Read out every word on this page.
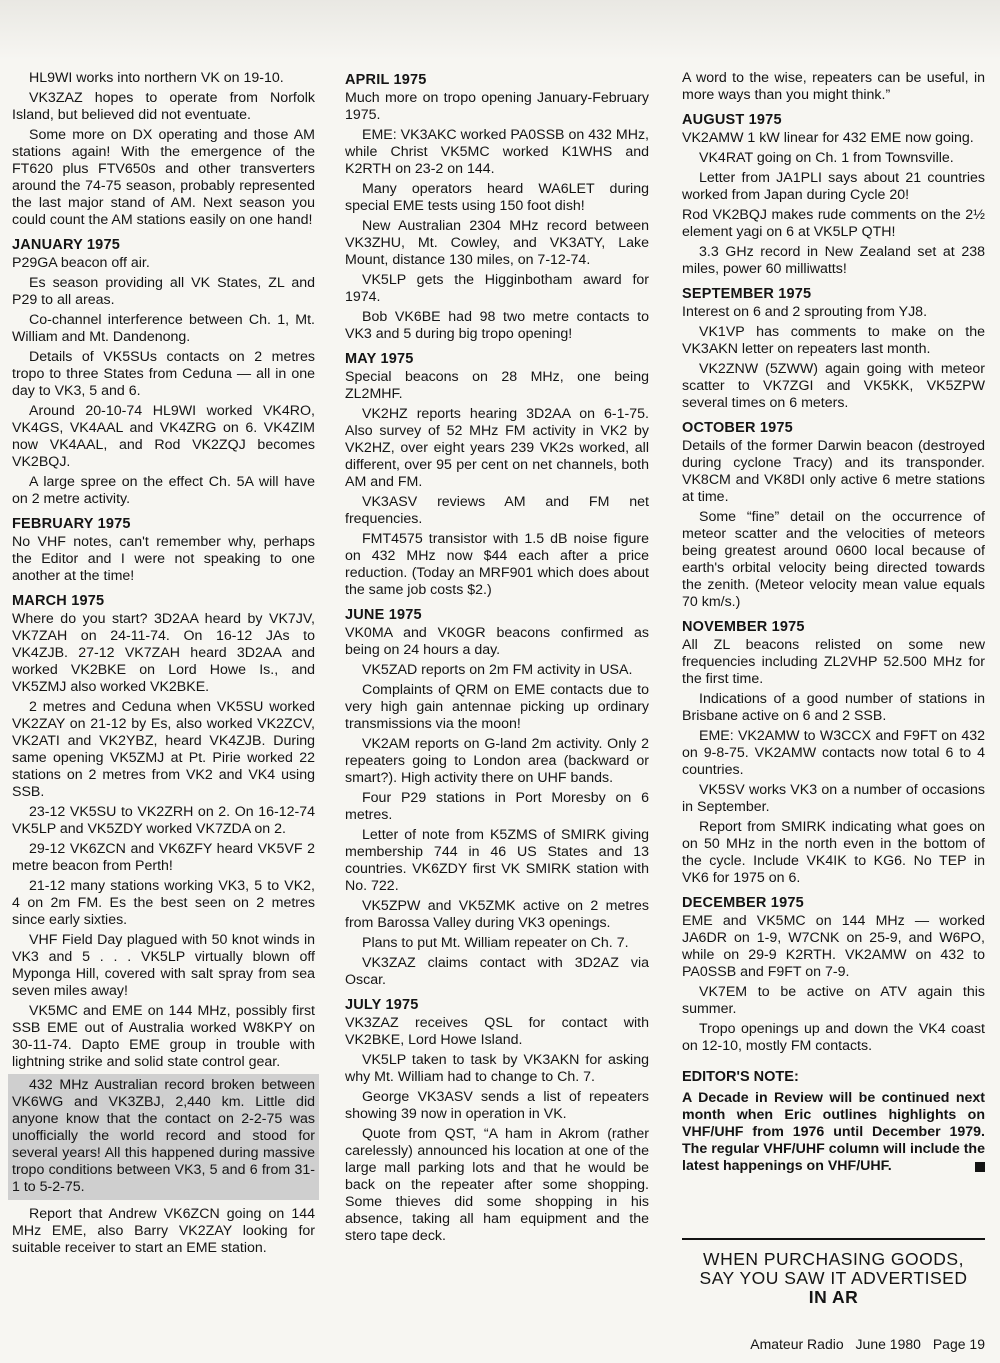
HL9WI works into northern VK on 19-10.

VK3ZAZ hopes to operate from Norfolk Island, but believed did not eventuate.

Some more on DX operating and those AM stations again! With the emergence of the FT620 plus FTV650s and other transverters around the 74-75 season, probably represented the last major stand of AM. Next season you could count the AM stations easily on one hand!

JANUARY 1975

P29GA beacon off air.

Es season providing all VK States, ZL and P29 to all areas.

Co-channel interference between Ch. 1, Mt. William and Mt. Dandenong.

Details of VK5SUs contacts on 2 metres tropo to three States from Ceduna — all in one day to VK3, 5 and 6.

Around 20-10-74 HL9WI worked VK4RO, VK4GS, VK4AAL and VK4ZRG on 6. VK4ZIM now VK4AAL, and Rod VK2ZQJ becomes VK2BQJ.

A large spree on the effect Ch. 5A will have on 2 metre activity.

FEBRUARY 1975

No VHF notes, can't remember why, perhaps the Editor and I were not speaking to one another at the time!

MARCH 1975

Where do you start? 3D2AA heard by VK7JV, VK7ZAH on 24-11-74. On 16-12 JAs to VK4ZJB. 27-12 VK7ZAH heard 3D2AA and worked VK2BKE on Lord Howe Is., and VK5ZMJ also worked VK2BKE.

2 metres and Ceduna when VK5SU worked VK2ZAY on 21-12 by Es, also worked VK2ZCV, VK2ATI and VK2YBZ, heard VK4ZJB. During same opening VK5ZMJ at Pt. Pirie worked 22 stations on 2 metres from VK2 and VK4 using SSB.

23-12 VK5SU to VK2ZRH on 2. On 16-12-74 VK5LP and VK5ZDY worked VK7ZDA on 2.

29-12 VK6ZCN and VK6ZFY heard VK5VF 2 metre beacon from Perth!

21-12 many stations working VK3, 5 to VK2, 4 on 2m FM. Es the best seen on 2 metres since early sixties.

VHF Field Day plagued with 50 knot winds in VK3 and 5 . . . VK5LP virtually blown off Myponga Hill, covered with salt spray from sea seven miles away!

VK5MC and EME on 144 MHz, possibly first SSB EME out of Australia worked W8KPY on 30-11-74. Dapto EME group in trouble with lightning strike and solid state control gear.

432 MHz Australian record broken between VK6WG and VK3ZBJ, 2,440 km. Little did anyone know that the contact on 2-2-75 was unofficially the world record and stood for several years! All this happened during massive tropo conditions between VK3, 5 and 6 from 31-1 to 5-2-75.

Report that Andrew VK6ZCN going on 144 MHz EME, also Barry VK2ZAY looking for suitable receiver to start an EME station.

APRIL 1975

Much more on tropo opening January-February 1975.

EME: VK3AKC worked PA0SSB on 432 MHz, while Christ VK5MC worked K1WHS and K2RTH on 23-2 on 144.

Many operators heard WA6LET during special EME tests using 150 foot dish!

New Australian 2304 MHz record between VK3ZHU, Mt. Cowley, and VK3ATY, Lake Mount, distance 130 miles, on 7-12-74.

VK5LP gets the Higginbotham award for 1974.

Bob VK6BE had 98 two metre contacts to VK3 and 5 during big tropo opening!

MAY 1975

Special beacons on 28 MHz, one being ZL2MHF.

VK2HZ reports hearing 3D2AA on 6-1-75. Also survey of 52 MHz FM activity in VK2 by VK2HZ, over eight years 239 VK2s worked, all different, over 95 per cent on net channels, both AM and FM.

VK3ASV reviews AM and FM net frequencies.

FMT4575 transistor with 1.5 dB noise figure on 432 MHz now $44 each after a price reduction. (Today an MRF901 which does about the same job costs $2.)

JUNE 1975

VK0MA and VK0GR beacons confirmed as being on 24 hours a day.

VK5ZAD reports on 2m FM activity in USA.

Complaints of QRM on EME contacts due to very high gain antennae picking up ordinary transmissions via the moon!

VK2AM reports on G-land 2m activity. Only 2 repeaters going to London area (backward or smart?). High activity there on UHF bands.

Four P29 stations in Port Moresby on 6 metres.

Letter of note from K5ZMS of SMIRK giving membership 744 in 46 US States and 13 countries. VK6ZDY first VK SMIRK station with No. 722.

VK5ZPW and VK5ZMK active on 2 metres from Barossa Valley during VK3 openings.

Plans to put Mt. William repeater on Ch. 7.

VK3ZAZ claims contact with 3D2AZ via Oscar.

JULY 1975

VK3ZAZ receives QSL for contact with VK2BKE, Lord Howe Island.

VK5LP taken to task by VK3AKN for asking why Mt. William had to change to Ch. 7.

George VK3ASV sends a list of repeaters showing 39 now in operation in VK.

Quote from QST, “A ham in Akrom (rather carelessly) announced his location at one of the large mall parking lots and that he would be back on the repeater after some shopping. Some thieves did some shopping in his absence, taking all ham equipment and the stero tape deck.

A word to the wise, repeaters can be useful, in more ways than you might think.”

AUGUST 1975

VK2AMW 1 kW linear for 432 EME now going.

VK4RAT going on Ch. 1 from Townsville.

Letter from JA1PLI says about 21 countries worked from Japan during Cycle 20!

Rod VK2BQJ makes rude comments on the 2½ element yagi on 6 at VK5LP QTH!

3.3 GHz record in New Zealand set at 238 miles, power 60 milliwatts!

SEPTEMBER 1975

Interest on 6 and 2 sprouting from YJ8.

VK1VP has comments to make on the VK3AKN letter on repeaters last month.

VK2ZNW (5ZWW) again going with meteor scatter to VK7ZGI and VK5KK, VK5ZPW several times on 6 meters.

OCTOBER 1975

Details of the former Darwin beacon (destroyed during cyclone Tracy) and its transponder. VK8CM and VK8DI only active 6 metre stations at time.

Some “fine” detail on the occurrence of meteor scatter and the velocities of meteors being greatest around 0600 local because of earth's orbital velocity being directed towards the zenith. (Meteor velocity mean value equals 70 km/s.)

NOVEMBER 1975

All ZL beacons relisted on some new frequencies including ZL2VHP 52.500 MHz for the first time.

Indications of a good number of stations in Brisbane active on 6 and 2 SSB.

EME: VK2AMW to W3CCX and F9FT on 432 on 9-8-75. VK2AMW contacts now total 6 to 4 countries.

VK5SV works VK3 on a number of occasions in September.

Report from SMIRK indicating what goes on on 50 MHz in the north even in the bottom of the cycle. Include VK4IK to KG6. No TEP in VK6 for 1975 on 6.

DECEMBER 1975

EME and VK5MC on 144 MHz — worked JA6DR on 1-9, W7CNK on 25-9, and W6PO, while on 29-9 K2RTH. VK2AMW on 432 to PA0SSB and F9FT on 7-9.

VK7EM to be active on ATV again this summer.

Tropo openings up and down the VK4 coast on 12-10, mostly FM contacts.

EDITOR'S NOTE:

A Decade in Review will be continued next month when Eric outlines highlights on VHF/UHF from 1976 until December 1979. The regular VHF/UHF column will include the latest happenings on VHF/UHF.

WHEN PURCHASING GOODS,
SAY YOU SAW IT ADVERTISED
IN AR
Amateur Radio June 1980 Page 19
